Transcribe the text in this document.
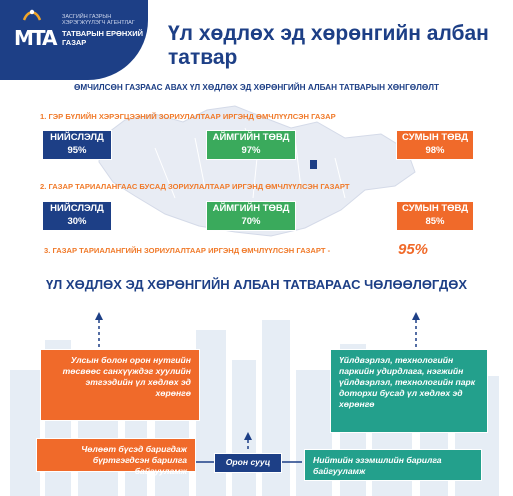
MTA
ЗАСГИЙН ГАЗРЫН ХЭРЭГЖҮҮЛЭГЧ АГЕНТЛАГ
ТАТВАРЫН ЕРӨНХИЙ ГАЗАР	Үл хөдлөх эд хөрөнгийн албан татвар
ӨМЧИЛСӨН ГАЗРААС АВАХ ҮЛ ХӨДЛӨХ ЭД ХӨРӨНГИЙН АЛБАН ТАТВАРЫН ХӨНГӨЛӨЛТ
1. ГЭР БҮЛИЙН ХЭРЭГЦЭЭНИЙ ЗОРИУЛАЛТААР ИРГЭНД ӨМЧЛҮҮЛСЭН ГАЗАР
НИЙСЛЭЛД
95%
АЙМГИЙН ТӨВД
97%
СУМЫН ТӨВД
98%
2. ГАЗАР ТАРИАЛАНГААС БУСАД ЗОРИУЛАЛТААР ИРГЭНД ӨМЧЛҮҮЛСЭН ГАЗАРТ
НИЙСЛЭЛД
30%
АЙМГИЙН ТӨВД
70%
СУМЫН ТӨВД
85%
3. ГАЗАР ТАРИАЛАНГИЙН ЗОРИУЛАЛТААР ИРГЭНД ӨМЧЛҮҮЛСЭН ГАЗАРТ -	95%
ҮЛ ХӨДЛӨХ ЭД ХӨРӨНГИЙН АЛБАН ТАТВАРААС ЧӨЛӨӨЛӨГДӨХ
Улсын болон орон нутгийн төсвөөс санхүүждэг хуулийн этгээдийн үл хөдлөх эд хөрөнгө
Үйлдвэрлэл, технологийн паркийн удирдлага, нэгжийн үйлдвэрлэл, технологийн парк доторхи бусад үл хөдлөх эд хөрөнгө
Чөлөөт бүсэд баригдаж бүртгэгдсэн барилга байгууламж
Нийтийн эзэмшлийн барилга байгууламж
Орон сууц
